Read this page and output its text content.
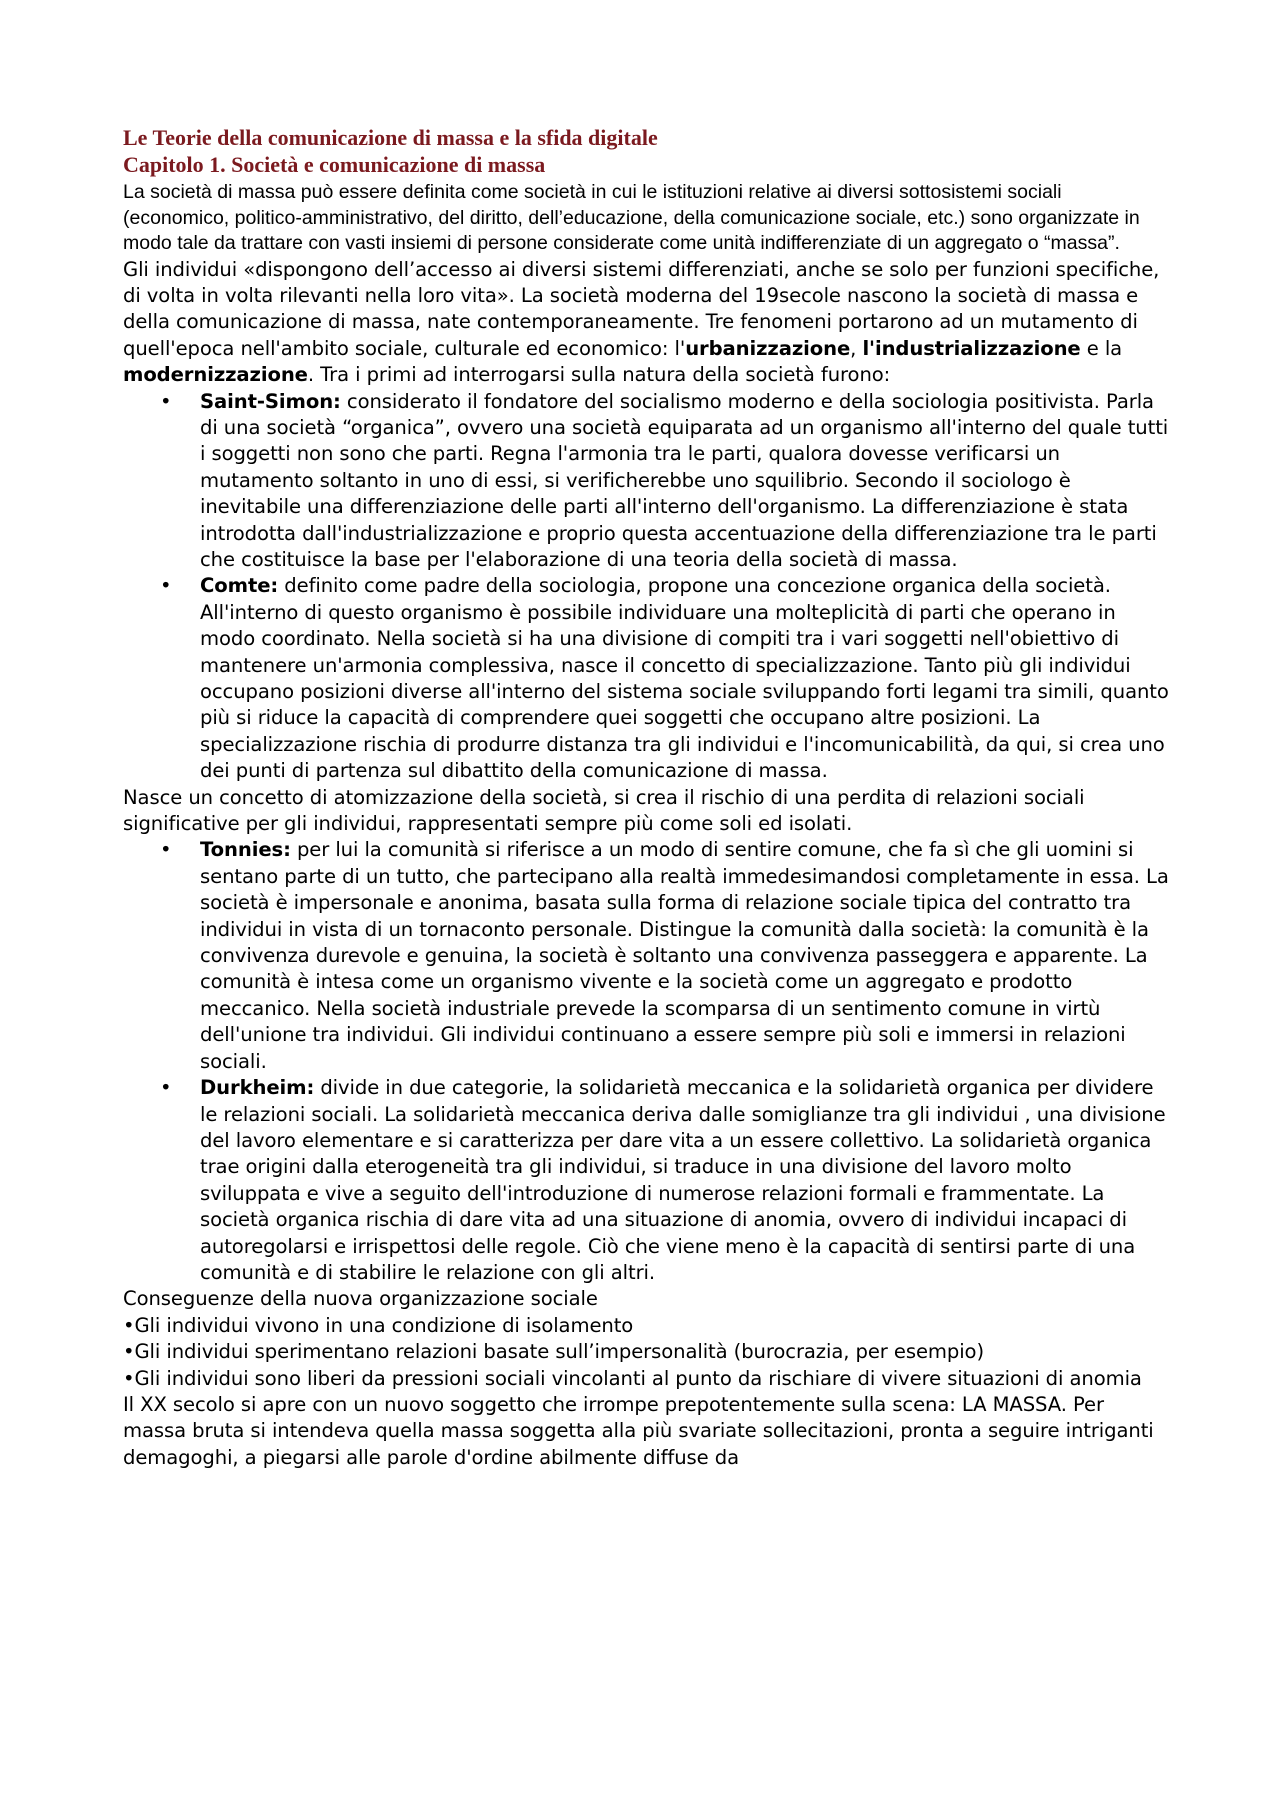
Le Teorie della comunicazione di massa e la sfida digitale
Capitolo 1. Società e comunicazione di massa

La società di massa può essere definita come società in cui le istituzioni relative ai diversi sottosistemi sociali (economico, politico-amministrativo, del diritto, dell’educazione, della comunicazione sociale, etc.) sono organizzate in modo tale da trattare con vasti insiemi di persone considerate come unità indifferenziate di un aggregato o “massa”.

Gli individui «dispongono dell’accesso ai diversi sistemi differenziati, anche se solo per funzioni specifiche, di volta in volta rilevanti nella loro vita». La società moderna del 19secole nascono la società di massa e della comunicazione di massa, nate contemporaneamente. Tre fenomeni portarono ad un mutamento di quell'epoca nell'ambito sociale, culturale ed economico: l'urbanizzazione, l'industrializzazione e la modernizzazione. Tra i primi ad interrogarsi sulla natura della società furono:

• Saint-Simon: considerato il fondatore del socialismo moderno e della sociologia positivista. Parla di una società “organica”, ovvero una società equiparata ad un organismo all'interno del quale tutti i soggetti non sono che parti. Regna l'armonia tra le parti, qualora dovesse verificarsi un mutamento soltanto in uno di essi, si verificherebbe uno squilibrio. Secondo il sociologo è inevitabile una differenziazione delle parti all'interno dell'organismo. La differenziazione è stata introdotta dall'industrializzazione e proprio questa accentuazione della differenziazione tra le parti che costituisce la base per l'elaborazione di una teoria della società di massa.
• Comte: definito come padre della sociologia, propone una concezione organica della società. All'interno di questo organismo è possibile individuare una molteplicità di parti che operano in modo coordinato. Nella società si ha una divisione di compiti tra i vari soggetti nell'obiettivo di mantenere un'armonia complessiva, nasce il concetto di specializzazione. Tanto più gli individui occupano posizioni diverse all'interno del sistema sociale sviluppando forti legami tra simili, quanto più si riduce la capacità di comprendere quei soggetti che occupano altre posizioni. La specializzazione rischia di produrre distanza tra gli individui e l'incomunicabilità, da qui, si crea uno dei punti di partenza sul dibattito della comunicazione di massa.

Nasce un concetto di atomizzazione della società, si crea il rischio di una perdita di relazioni sociali significative per gli individui, rappresentati sempre più come soli ed isolati.

• Tonnies: per lui la comunità si riferisce a un modo di sentire comune, che fa sì che gli uomini si sentano parte di un tutto, che partecipano alla realtà immedesimandosi completamente in essa. La società è impersonale e anonima, basata sulla forma di relazione sociale tipica del contratto tra individui in vista di un tornaconto personale. Distingue la comunità dalla società: la comunità è la convivenza durevole e genuina, la società è soltanto una convivenza passeggera e apparente. La comunità è intesa come un organismo vivente e la società come un aggregato e prodotto meccanico. Nella società industriale prevede la scomparsa di un sentimento comune in virtù dell'unione tra individui. Gli individui continuano a essere sempre più soli e immersi in relazioni sociali.
• Durkheim: divide in due categorie, la solidarietà meccanica e la solidarietà organica per dividere le relazioni sociali. La solidarietà meccanica deriva dalle somiglianze tra gli individui , una divisione del lavoro elementare e si caratterizza per dare vita a un essere collettivo. La solidarietà organica trae origini dalla eterogeneità tra gli individui, si traduce in una divisione del lavoro molto sviluppata e vive a seguito dell'introduzione di numerose relazioni formali e frammentate. La società organica rischia di dare vita ad una situazione di anomia, ovvero di individui incapaci di autoregolarsi e irrispettosi delle regole. Ciò che viene meno è la capacità di sentirsi parte di una comunità e di stabilire le relazione con gli altri.

Conseguenze della nuova organizzazione sociale

•Gli individui vivono in una condizione di isolamento

•Gli individui sperimentano relazioni basate sull’impersonalità (burocrazia, per esempio)

•Gli individui sono liberi da pressioni sociali vincolanti al punto da rischiare di vivere situazioni di anomia

Il XX secolo si apre con un nuovo soggetto che irrompe prepotentemente sulla scena: LA MASSA. Per massa bruta si intendeva quella massa soggetta alla più svariate sollecitazioni, pronta a seguire intriganti demagoghi, a piegarsi alle parole d'ordine abilmente diffuse da
